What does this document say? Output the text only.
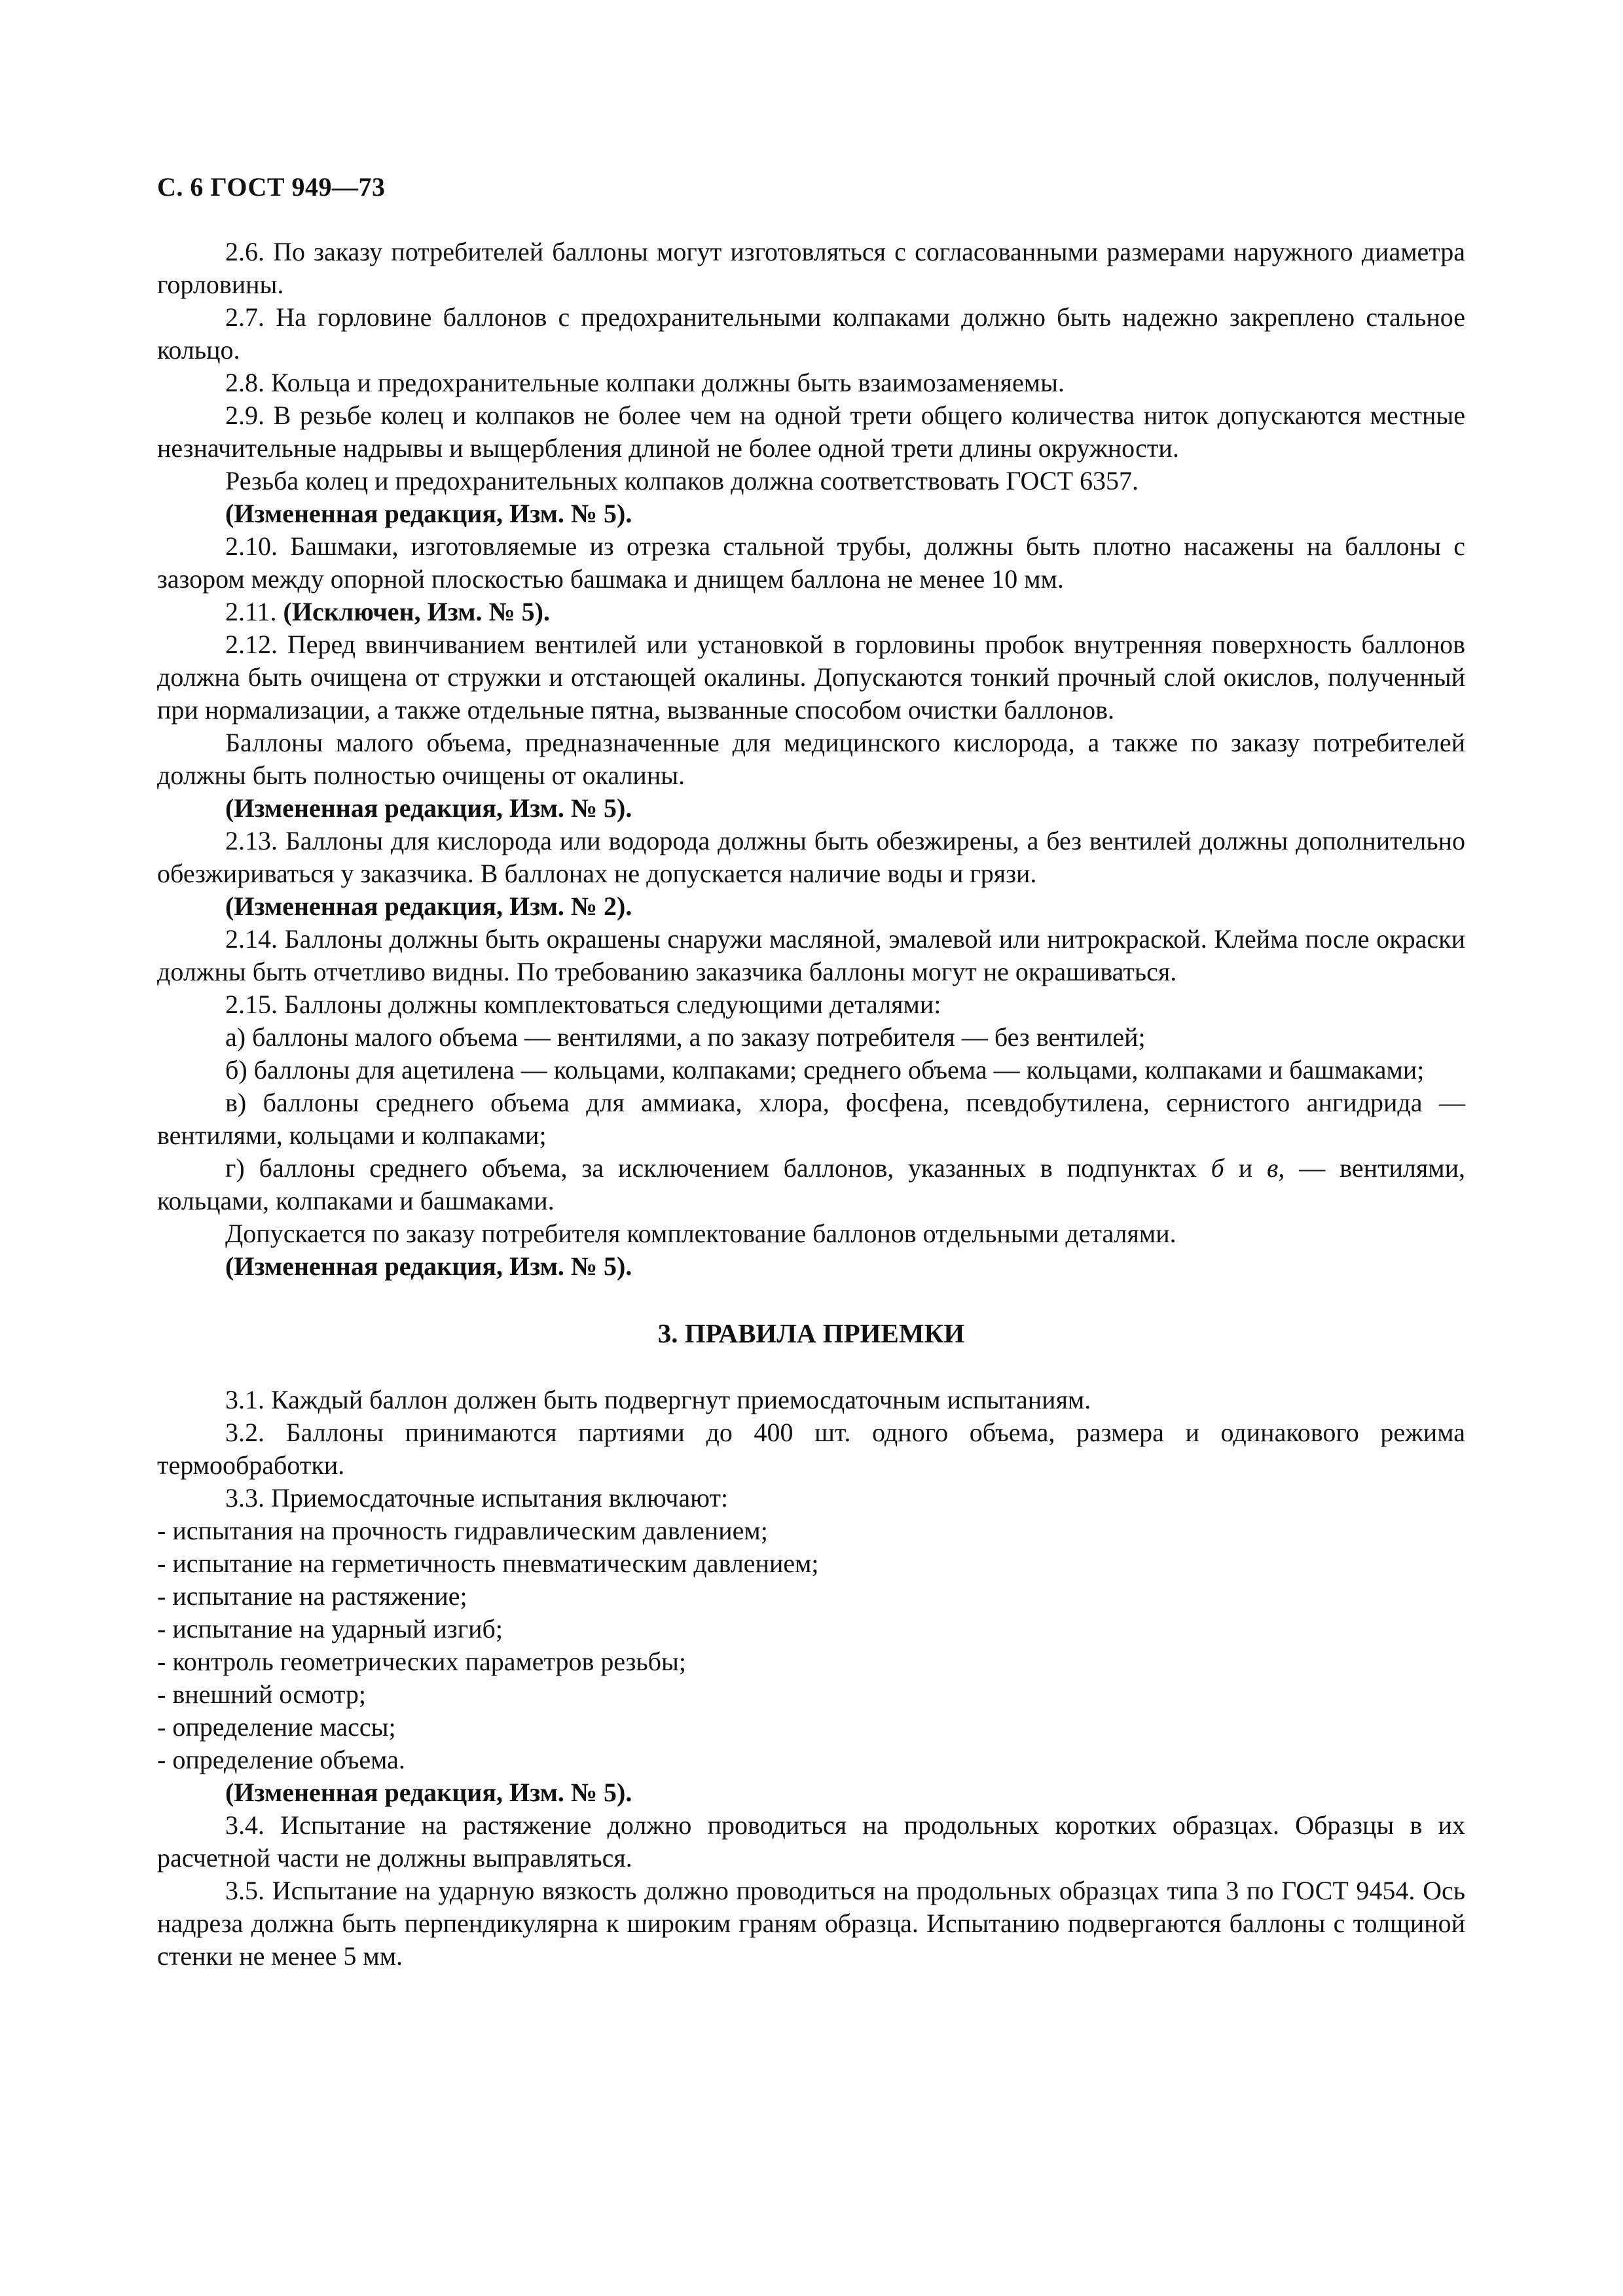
С. 6 ГОСТ 949—73

2.6. По заказу потребителей баллоны могут изготовляться с согласованными размерами наружного диаметра горловины.

2.7. На горловине баллонов с предохранительными колпаками должно быть надежно закреплено стальное кольцо.

2.8. Кольца и предохранительные колпаки должны быть взаимозаменяемы.

2.9. В резьбе колец и колпаков не более чем на одной трети общего количества ниток допускаются местные незначительные надрывы и выщербления длиной не более одной трети длины окружности.

Резьба колец и предохранительных колпаков должна соответствовать ГОСТ 6357.

(Измененная редакция, Изм. № 5).

2.10. Башмаки, изготовляемые из отрезка стальной трубы, должны быть плотно насажены на баллоны с зазором между опорной плоскостью башмака и днищем баллона не менее 10 мм.

2.11. (Исключен, Изм. № 5).

2.12. Перед ввинчиванием вентилей или установкой в горловины пробок внутренняя поверхность баллонов должна быть очищена от стружки и отстающей окалины. Допускаются тонкий прочный слой окислов, полученный при нормализации, а также отдельные пятна, вызванные способом очистки баллонов.

Баллоны малого объема, предназначенные для медицинского кислорода, а также по заказу потребителей должны быть полностью очищены от окалины.

(Измененная редакция, Изм. № 5).

2.13. Баллоны для кислорода или водорода должны быть обезжирены, а без вентилей должны дополнительно обезжириваться у заказчика. В баллонах не допускается наличие воды и грязи.

(Измененная редакция, Изм. № 2).

2.14. Баллоны должны быть окрашены снаружи масляной, эмалевой или нитрокраской. Клейма после окраски должны быть отчетливо видны. По требованию заказчика баллоны могут не окрашиваться.

2.15. Баллоны должны комплектоваться следующими деталями:

а) баллоны малого объема — вентилями, а по заказу потребителя — без вентилей;

б) баллоны для ацетилена — кольцами, колпаками; среднего объема — кольцами, колпаками и башмаками;

в) баллоны среднего объема для аммиака, хлора, фосфена, псевдобутилена, сернистого ангидрида — вентилями, кольцами и колпаками;

г) баллоны среднего объема, за исключением баллонов, указанных в подпунктах б и в, — вентилями, кольцами, колпаками и башмаками.

Допускается по заказу потребителя комплектование баллонов отдельными деталями.

(Измененная редакция, Изм. № 5).

3. ПРАВИЛА ПРИЕМКИ

3.1. Каждый баллон должен быть подвергнут приемосдаточным испытаниям.

3.2. Баллоны принимаются партиями до 400 шт. одного объема, размера и одинакового режима термообработки.

3.3. Приемосдаточные испытания включают:

- испытания на прочность гидравлическим давлением;

- испытание на герметичность пневматическим давлением;

- испытание на растяжение;

- испытание на ударный изгиб;

- контроль геометрических параметров резьбы;

- внешний осмотр;

- определение массы;

- определение объема.

(Измененная редакция, Изм. № 5).

3.4. Испытание на растяжение должно проводиться на продольных коротких образцах. Образцы в их расчетной части не должны выправляться.

3.5. Испытание на ударную вязкость должно проводиться на продольных образцах типа 3 по ГОСТ 9454. Ось надреза должна быть перпендикулярна к широким граням образца. Испытанию подвергаются баллоны с толщиной стенки не менее 5 мм.
